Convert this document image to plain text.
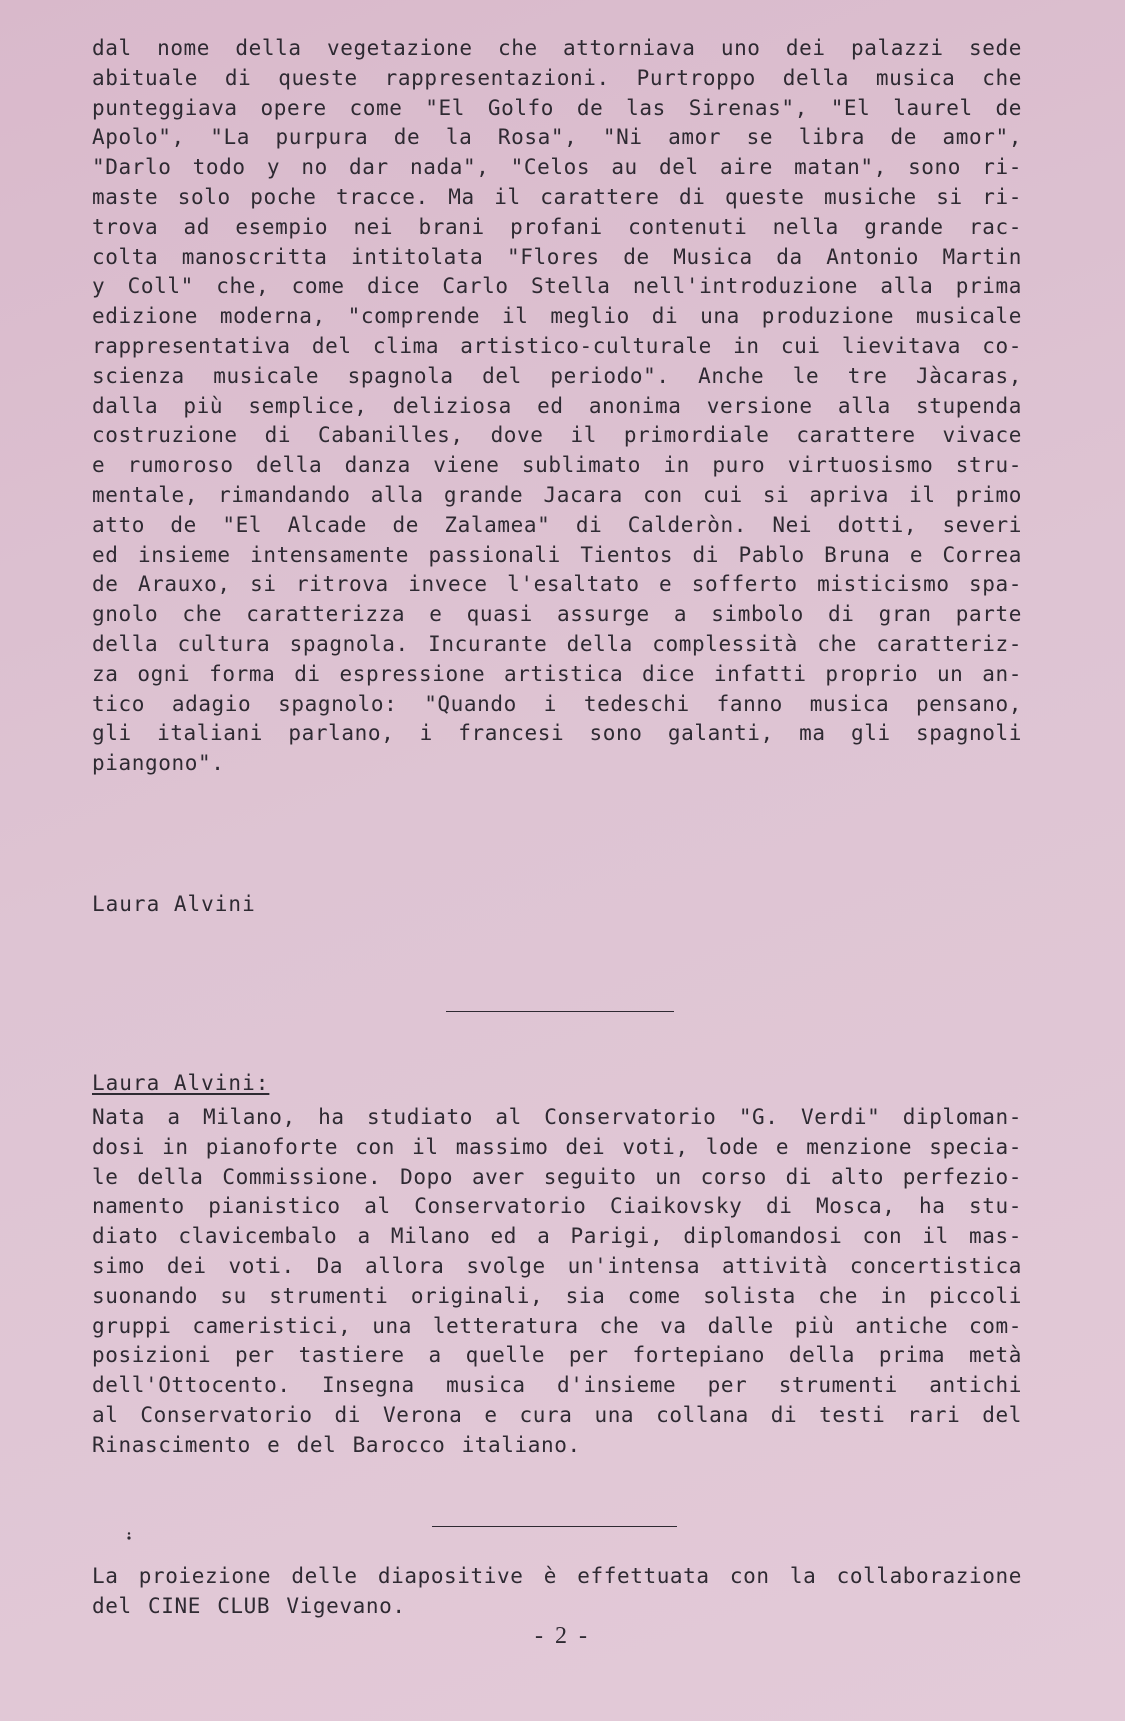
dal nome della vegetazione che attorniava uno dei palazzi sede
abituale di queste rappresentazioni. Purtroppo della musica che
punteggiava opere come "El Golfo de las Sirenas", "El laurel de
Apolo", "La purpura de la Rosa", "Ni amor se libra de amor",
"Darlo todo y no dar nada", "Celos au del aire matan", sono ri-
maste solo poche tracce. Ma il carattere di queste musiche si ri-
trova ad esempio nei brani profani contenuti nella grande rac-
colta manoscritta intitolata "Flores de Musica da Antonio Martin
y Coll" che, come dice Carlo Stella nell'introduzione alla prima
edizione moderna, "comprende il meglio di una produzione musicale
rappresentativa del clima artistico-culturale in cui lievitava co-
scienza musicale spagnola del periodo". Anche le tre Jàcaras,
dalla più semplice, deliziosa ed anonima versione alla stupenda
costruzione di Cabanilles, dove il primordiale carattere vivace
e rumoroso della danza viene sublimato in puro virtuosismo stru-
mentale, rimandando alla grande Jacara con cui si apriva il primo
atto de "El Alcade de Zalamea" di Calderòn. Nei dotti, severi
ed insieme intensamente passionali Tientos di Pablo Bruna e Correa
de Arauxo, si ritrova invece l'esaltato e sofferto misticismo spa-
gnolo che caratterizza e quasi assurge a simbolo di gran parte
della cultura spagnola. Incurante della complessità che caratteriz-
za ogni forma di espressione artistica dice infatti proprio un an-
tico adagio spagnolo: "Quando i tedeschi fanno musica pensano,
gli italiani parlano, i francesi sono galanti, ma gli spagnoli
piangono".
Laura Alvini
Laura Alvini:
Nata a Milano, ha studiato al Conservatorio "G. Verdi" diploman-
dosi in pianoforte con il massimo dei voti, lode e menzione specia-
le della Commissione. Dopo aver seguito un corso di alto perfezio-
namento pianistico al Conservatorio Ciaikovsky di Mosca, ha stu-
diato clavicembalo a Milano ed a Parigi, diplomandosi con il mas-
simo dei voti. Da allora svolge un'intensa attività concertistica
suonando su strumenti originali, sia come solista che in piccoli
gruppi cameristici, una letteratura che va dalle più antiche com-
posizioni per tastiere a quelle per fortepiano della prima metà
dell'Ottocento. Insegna musica d'insieme per strumenti antichi
al Conservatorio di Verona e cura una collana di testi rari del
Rinascimento e del Barocco italiano.
La proiezione delle diapositive è effettuata con la collaborazione
del CINE CLUB Vigevano.
- 2 -
